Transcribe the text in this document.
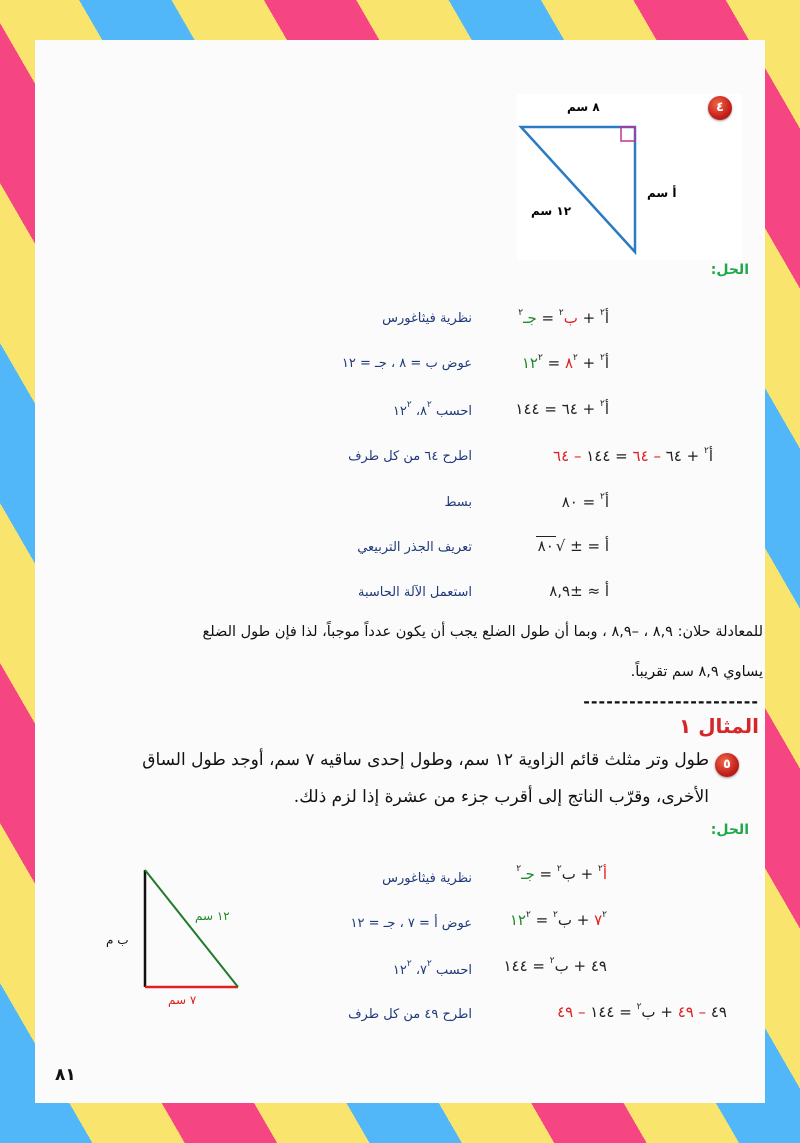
٨ سم
أ سم
١٢ سم
٤
الحل:
أ$^٢$ + ب$^٢$ = جـ$^٢$
نظرية فيثاغورس
أ$^٢$ + $٨^٢$ = $١٢^٢$
عوض ب = ٨ ، جـ = ١٢
أ$^٢$ + ٦٤ = ١٤٤
احسب $٨^٢،$ $١٢^٢$
أ$^٢$ + ٦٤ – ٦٤ = ١٤٤ – ٦٤
اطرح ٦٤ من كل طرف
أ$^٢$ = ٨٠
بسط
أ = ± √٨٠
تعريف الجذر التربيعي
أ ≈ ±٨,٩
استعمل الآلة الحاسبة
للمعادلة حلان: ٨,٩ ، –٨,٩ ، وبما أن طول الضلع يجب أن يكون عدداً موجباً، لذا فإن طول الضلع
يساوي ٨,٩ سم تقريباً.
-----------------------
المثال ١
٥
طول وتر مثلث قائم الزاوية ١٢ سم، وطول إحدى ساقيه ٧ سم، أوجد طول الساق
الأخرى، وقرّب الناتج إلى أقرب جزء من عشرة إذا لزم ذلك.
الحل:
١٢ سم
ب م
٧ سم
أ$^٢$ + ب$^٢$ = جـ$^٢$
نظرية فيثاغورس
$٧^٢$ + ب$^٢$ = $١٢^٢$
عوض أ = ٧ ، جـ = ١٢
٤٩ + ب$^٢$ = ١٤٤
احسب $٧^٢،$ $١٢^٢$
٤٩ – ٤٩ + ب$^٢$ = ١٤٤ – ٤٩
اطرح ٤٩ من كل طرف
٨١
